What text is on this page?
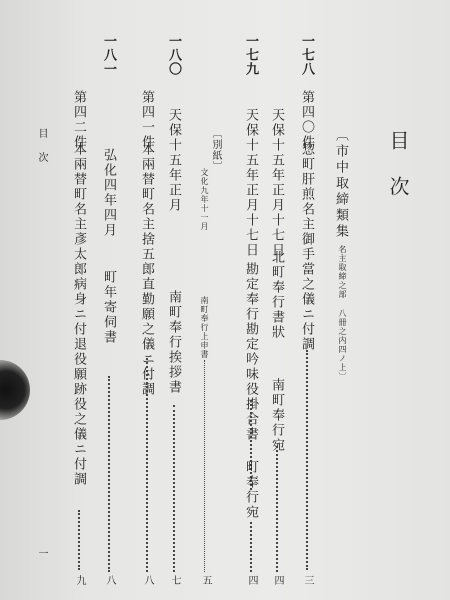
目次
〔市中取締類集
名主取締之部 八冊之内四ノ上〕
一七八
第四〇件
惣町肝煎名主御手當之儀ニ付調
三
一七九
天保十五年正月十七日
北町奉行書狀
南町奉行宛
四
天保十五年正月十七日
勘定奉行勘定吟味役掛合書
町奉行宛
四
〔別紙〕
文化九年十一月
南町奉行上申書
五
一八〇
天保十五年正月
南町奉行挨拶書
七
第四一件
本兩替町名主捨五郎直勤願之儀ニ付調
八
一八一
弘化四年四月
町年寄伺書
八
第四二件
本兩替町名主彥太郎病身ニ付退役願跡役之儀ニ付調
九
目次
一
